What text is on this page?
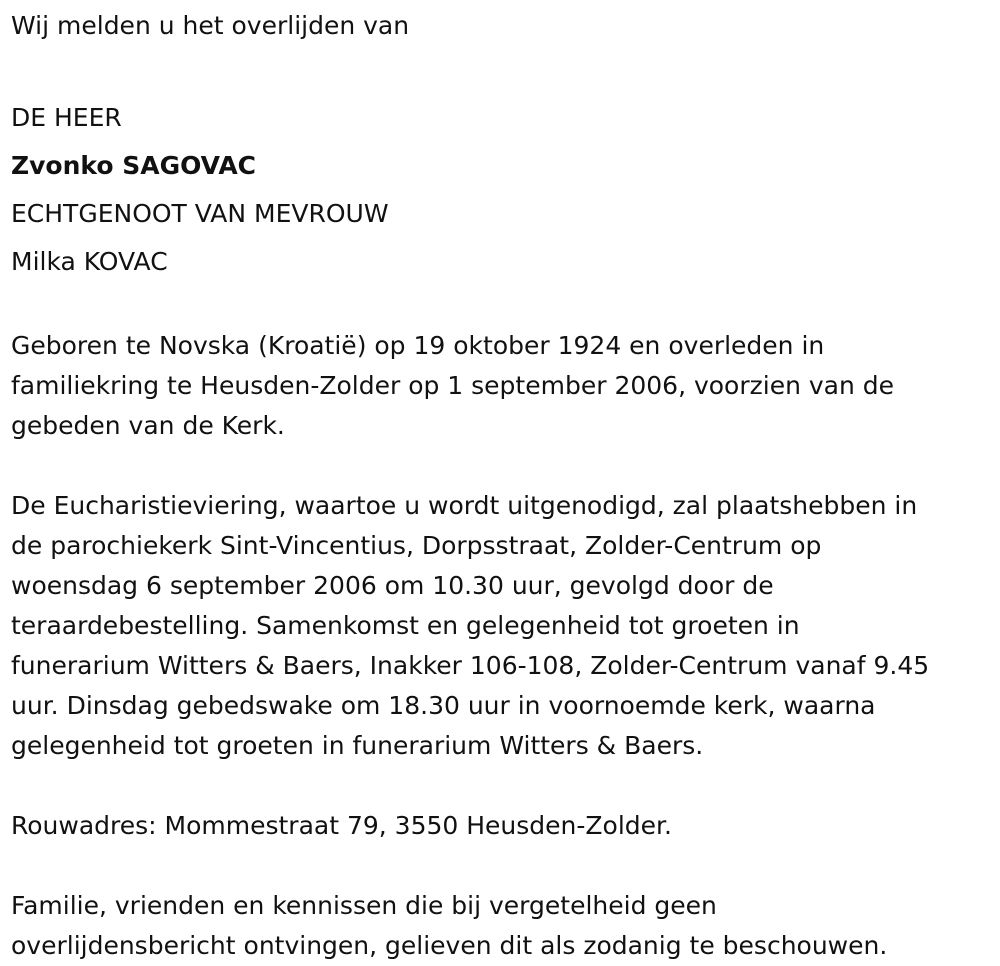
Wij melden u het overlijden van

DE HEER

Zvonko SAGOVAC

ECHTGENOOT VAN MEVROUW

Milka KOVAC

Geboren te Novska (Kroatië) op 19 oktober 1924 en overleden in

familiekring te Heusden-Zolder op 1 september 2006, voorzien van de

gebeden van de Kerk.

De Eucharistieviering, waartoe u wordt uitgenodigd, zal plaatshebben in

de parochiekerk Sint-Vincentius, Dorpsstraat, Zolder-Centrum op

woensdag 6 september 2006 om 10.30 uur, gevolgd door de

teraardebestelling. Samenkomst en gelegenheid tot groeten in

funerarium Witters & Baers, Inakker 106-108, Zolder-Centrum vanaf 9.45

uur. Dinsdag gebedswake om 18.30 uur in voornoemde kerk, waarna

gelegenheid tot groeten in funerarium Witters & Baers.

Rouwadres: Mommestraat 79, 3550 Heusden-Zolder.

Familie, vrienden en kennissen die bij vergetelheid geen

overlijdensbericht ontvingen, gelieven dit als zodanig te beschouwen.
